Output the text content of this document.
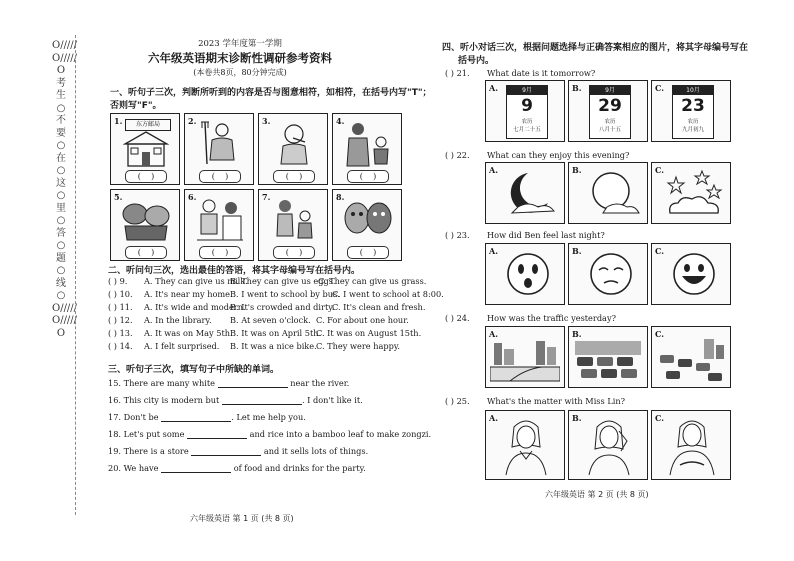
O/////O/////O考生○不要○在○这○里○答○题○线○O/////O/////O
2023 学年度第一学期
六年级英语期末诊断性调研参考资料
(本卷共8页，80分钟完成)
一、听句子三次，判断所听到的内容是否与图意相符，如相符，在括号内写"T"；
否则写"F"。
1.	东方邮局
(    )
2.
(    )
3.
(    )
4.
(    )
5.
(    )
6.
(    )
7.
(    )
8.
(    )
二、听问句三次，选出最佳的答语，将其字母编号写在括号内。
( ) 9. A. They can give us milk.B. They can give us eggs.C. They can give us grass.
( ) 10. A. It's near my home.B. I went to school by bus.C. I went to school at 8:00.
( ) 11. A. It's wide and modern.B. It's crowded and dirty.C. It's clean and fresh.
( ) 12. A. In the library. B. At seven o'clock. C. For about one hour.
( ) 13. A. It was on May 5th.B. It was on April 5th.C. It was on August 15th.
( ) 14. A. I felt surprised. B. It was a nice bike.C. They were happy.
三、听句子三次，填写句子中所缺的单词。
15. There are many white	near the river.
16. This city is modern but	. I don't like it.
17. Don't be	. Let me help you.
18. Let's put some	and rice into a bamboo leaf to make zongzi.
19. There is a store	and it sells lots of things.
20. We have	of food and drinks for the party.
六年级英语 第 1 页 (共 8 页)
四、听小对话三次，根据问题选择与正确答案相应的图片，将其字母编号写在
括号内。
( ) 21. What date is it tomorrow?
A.	9月
9
农历
七月二十五
B.	9月
29
农历
八月十五
C.	10月
23
农历
九月初九
( ) 22. What can they enjoy this evening?
A.	B.	C.
( ) 23. How did Ben feel last night?
A.	B.	C.
( ) 24. How was the traffic yesterday?
A.	B.	C.
( ) 25. What's the matter with Miss Lin?
A.	B.	C.
六年级英语 第 2 页 (共 8 页)
